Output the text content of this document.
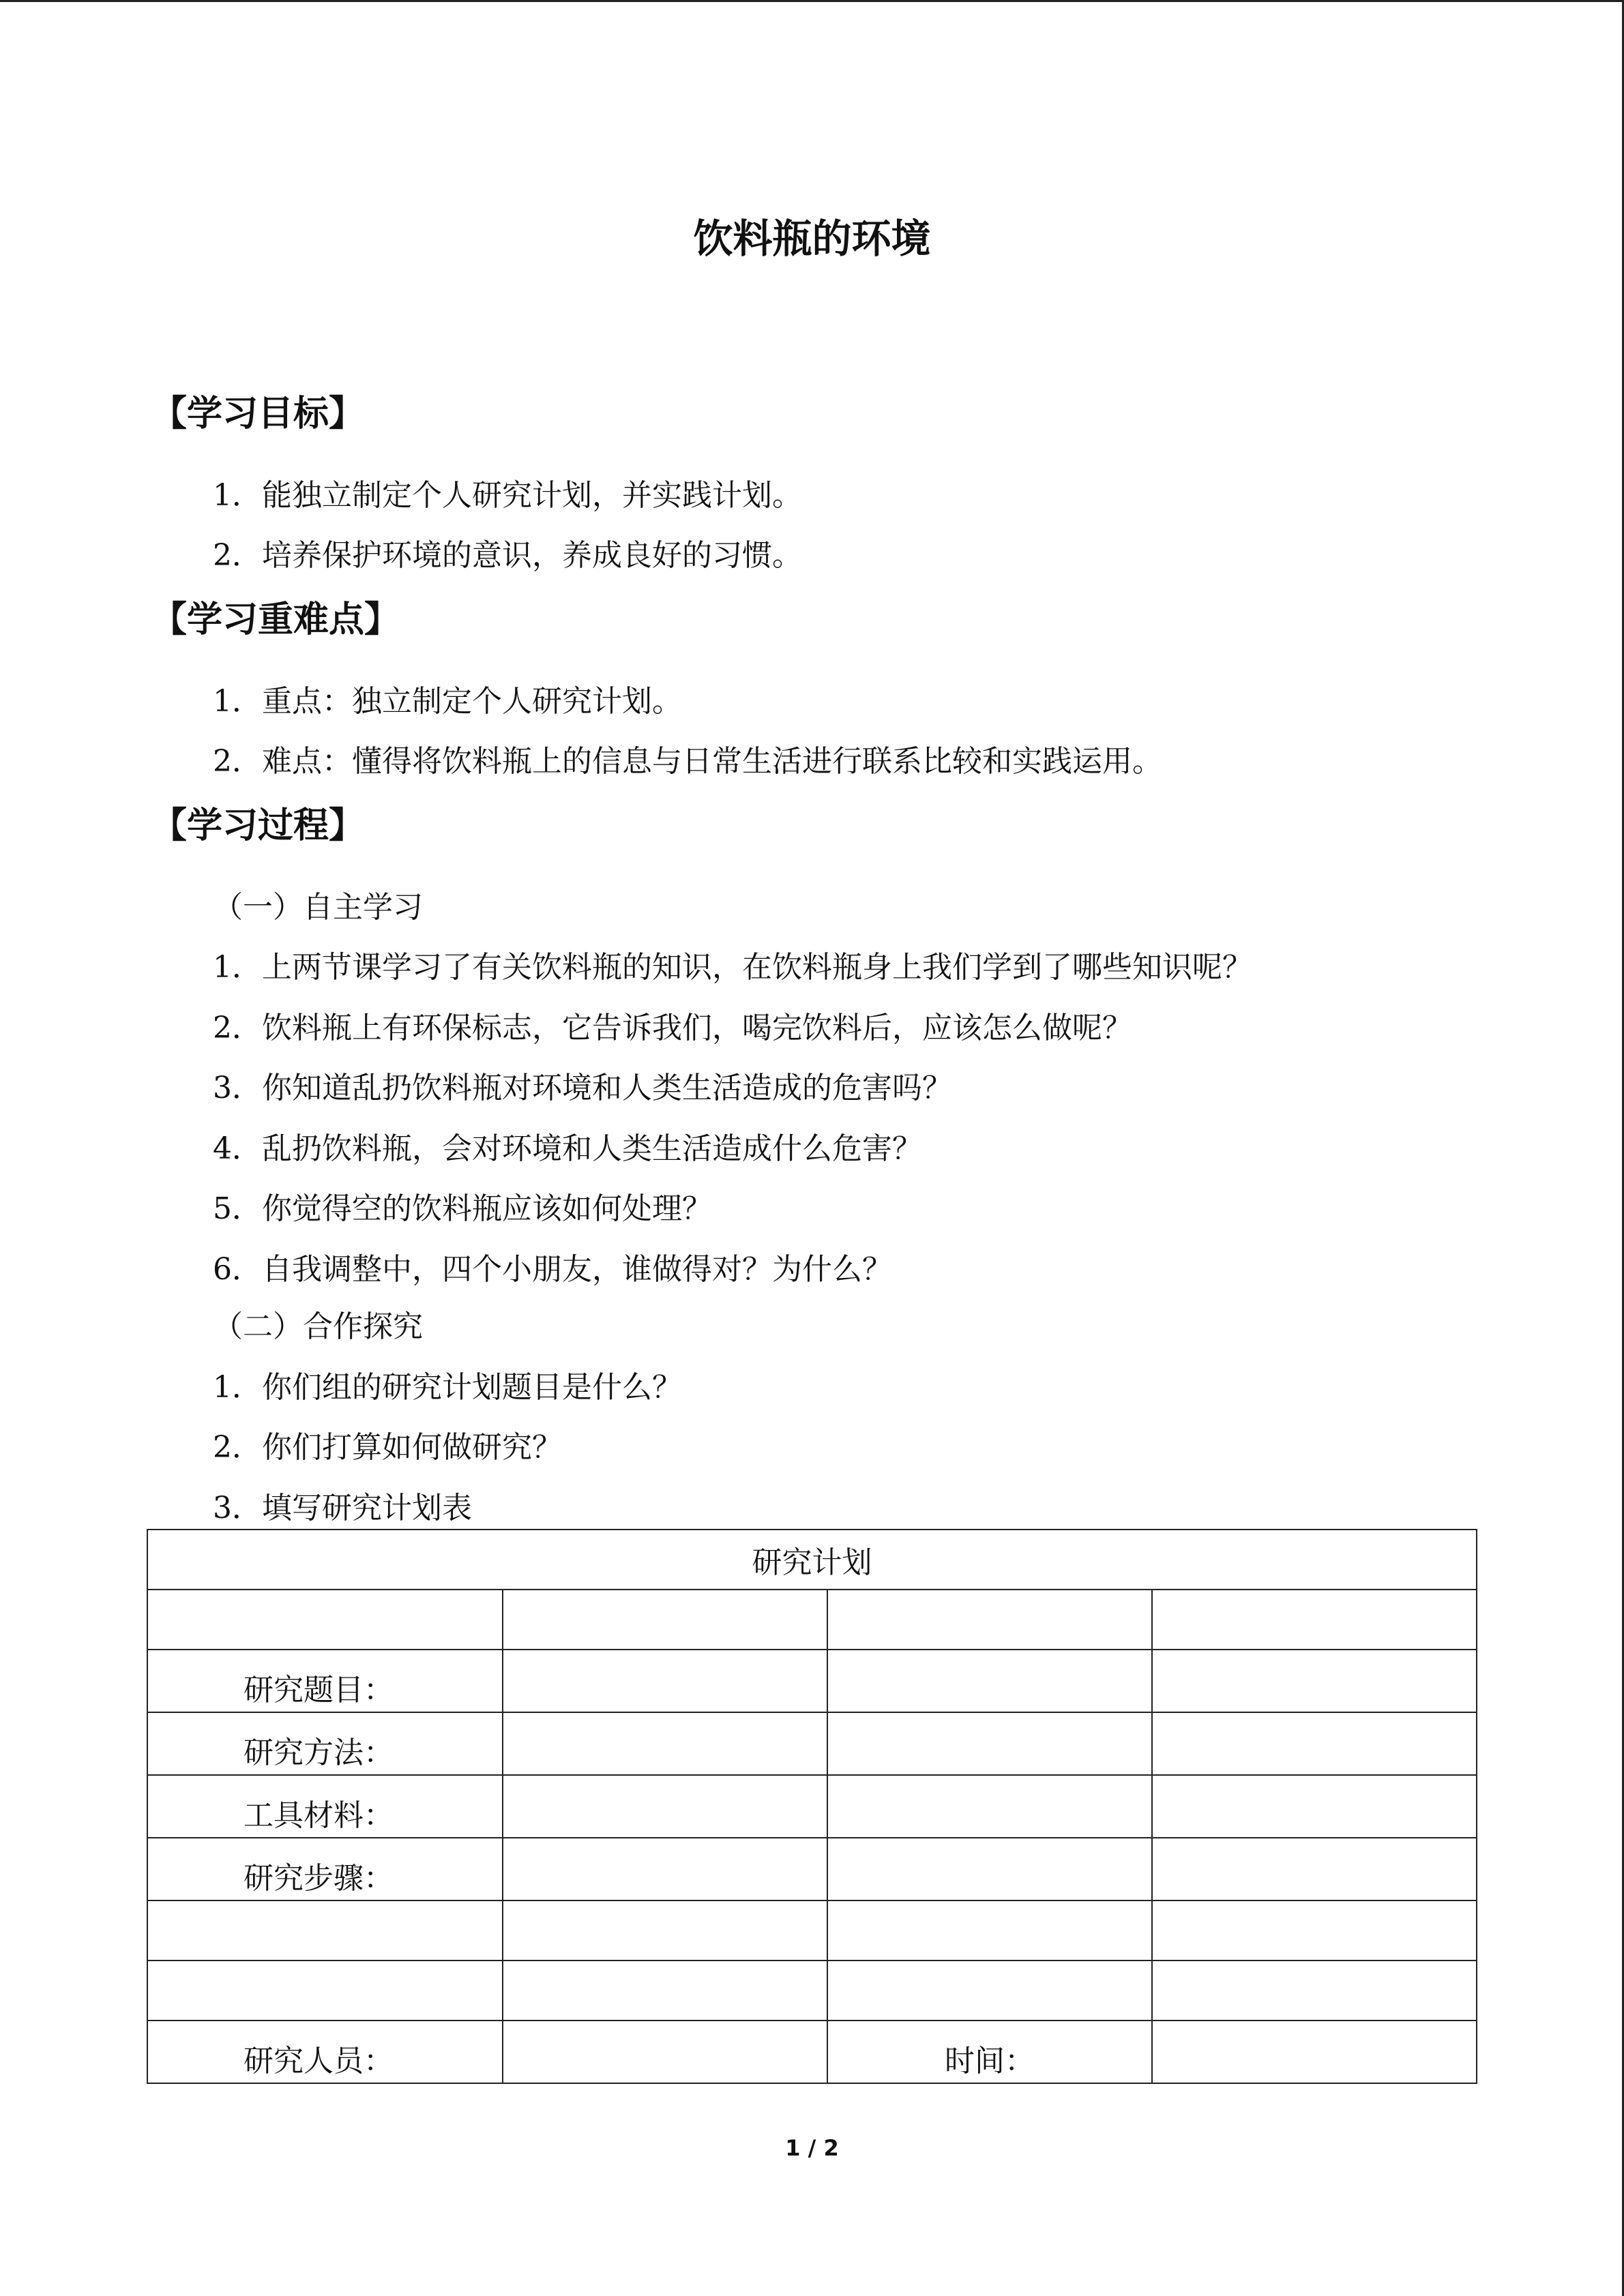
饮料瓶的环境
【学习目标】
1．能独立制定个人研究计划，并实践计划。
2．培养保护环境的意识，养成良好的习惯。
【学习重难点】
1．重点：独立制定个人研究计划。
2．难点：懂得将饮料瓶上的信息与日常生活进行联系比较和实践运用。
【学习过程】
（一）自主学习
1．上两节课学习了有关饮料瓶的知识，在饮料瓶身上我们学到了哪些知识呢？
2．饮料瓶上有环保标志，它告诉我们，喝完饮料后，应该怎么做呢？
3．你知道乱扔饮料瓶对环境和人类生活造成的危害吗？
4．乱扔饮料瓶，会对环境和人类生活造成什么危害？
5．你觉得空的饮料瓶应该如何处理？
6．自我调整中，四个小朋友，谁做得对？为什么？
（二）合作探究
1．你们组的研究计划题目是什么？
2．你们打算如何做研究？
3．填写研究计划表
研究计划			

研究题目：			
研究方法：			
工具材料：			
研究步骤：			

研究人员：		时间：	
1 / 2
